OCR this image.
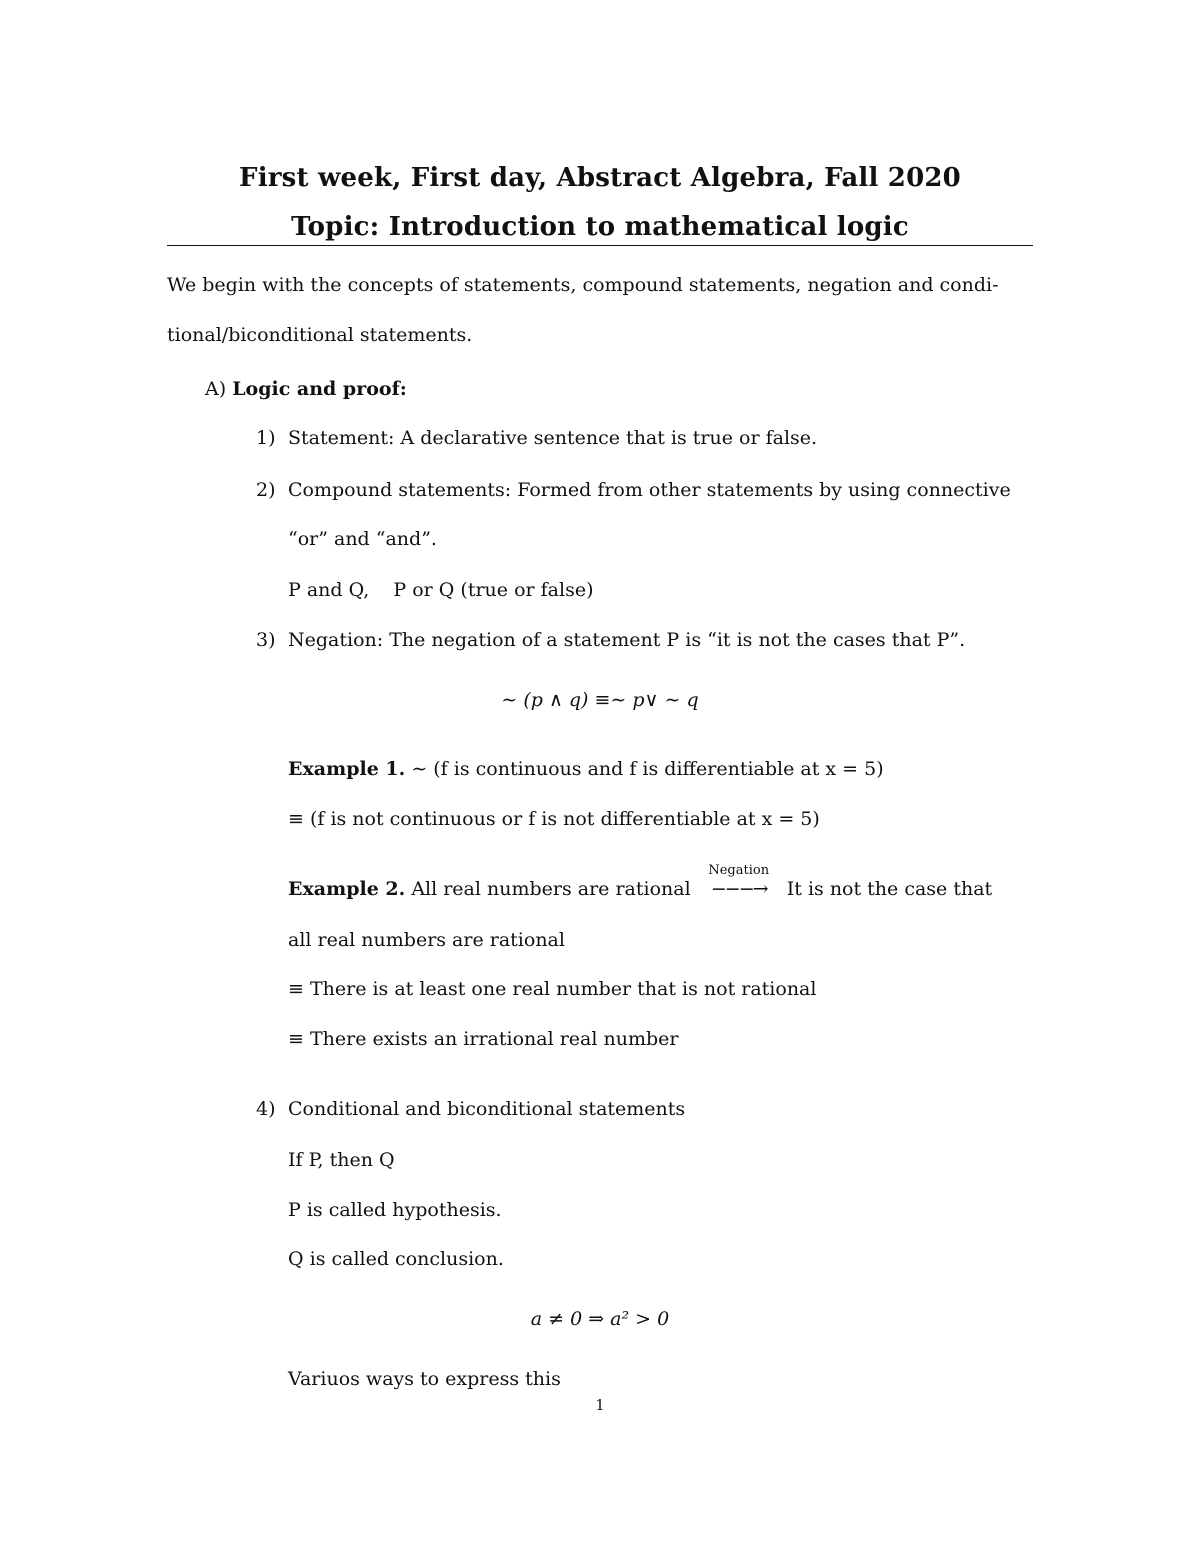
First week, First day, Abstract Algebra, Fall 2020
Topic: Introduction to mathematical logic
We begin with the concepts of statements, compound statements, negation and condi-
tional/biconditional statements.
A) Logic and proof:
1) Statement: A declarative sentence that is true or false.
2) Compound statements: Formed from other statements by using connective
“or” and “and”.
P and Q,    P or Q (true or false)
3) Negation: The negation of a statement P is “it is not the cases that P”.
∼ (p ∧ q) ≡∼ p∨ ∼ q
Example 1. ∼ (f is continuous and f is differentiable at x = 5)
≡ (f is not continuous or f is not differentiable at x = 5)
Example 2. All real numbers are rational
Negation
−−−→ It is not the case that
all real numbers are rational
≡ There is at least one real number that is not rational
≡ There exists an irrational real number
4) Conditional and biconditional statements
If P, then Q
P is called hypothesis.
Q is called conclusion.
a ≠ 0 ⇒ a² > 0
Variuos ways to express this
1
